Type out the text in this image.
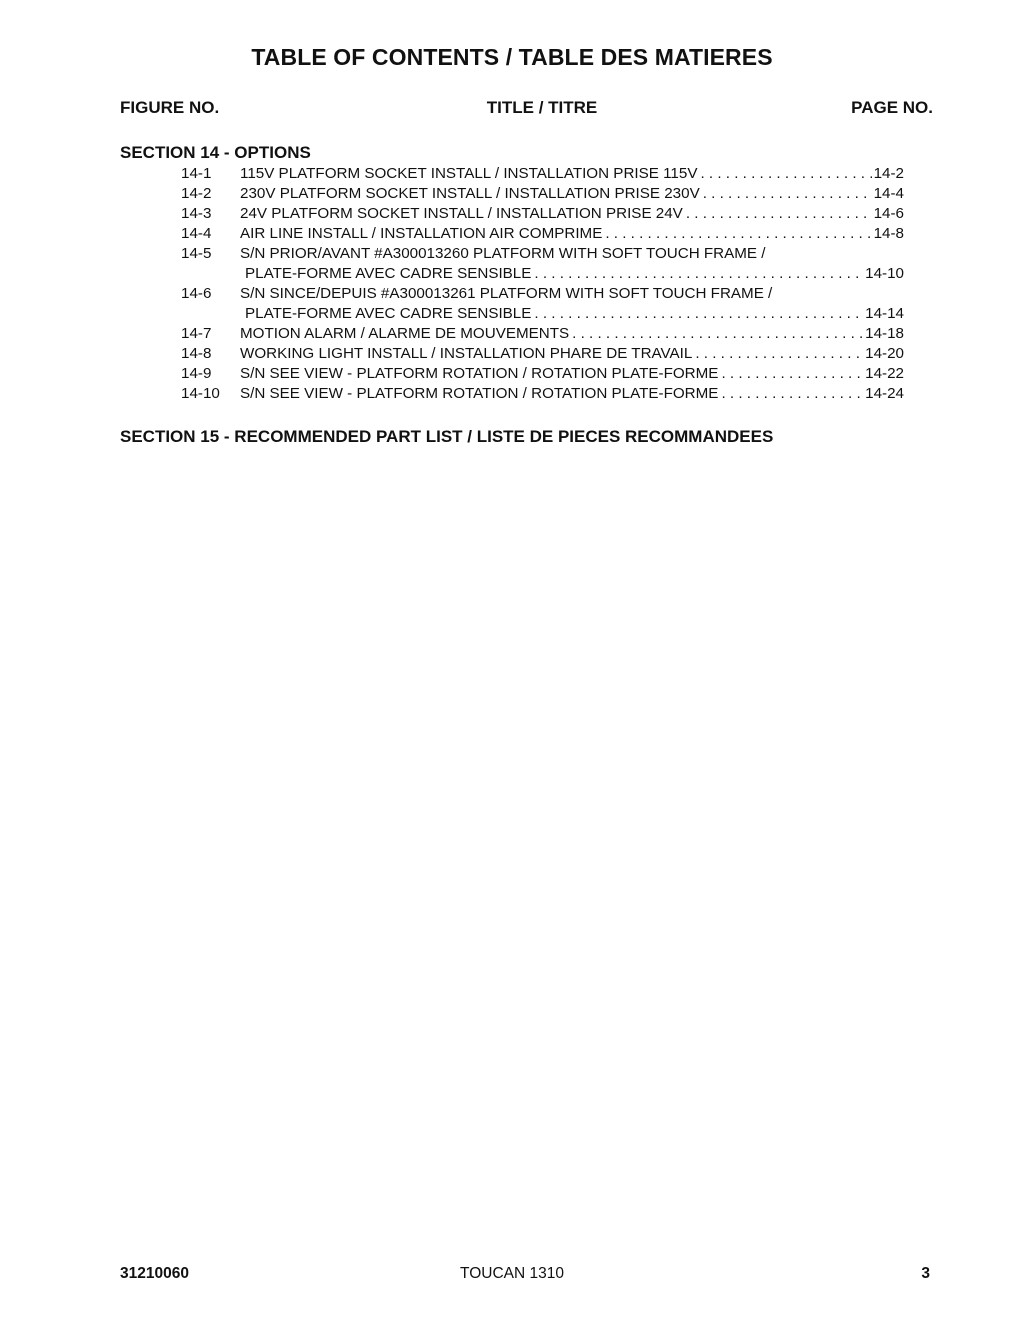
TABLE OF CONTENTS / TABLE DES MATIERES
FIGURE NO.	TITLE / TITRE	PAGE NO.
SECTION 14 - OPTIONS
14-1	115V PLATFORM SOCKET INSTALL / INSTALLATION PRISE 115V . . .	14-2
14-2	230V PLATFORM SOCKET INSTALL / INSTALLATION PRISE 230V . . .	14-4
14-3	24V PLATFORM SOCKET INSTALL / INSTALLATION PRISE 24V . . .	14-6
14-4	AIR LINE INSTALL / INSTALLATION AIR COMPRIME . . .	14-8
14-5	S/N PRIOR/AVANT #A300013260 PLATFORM WITH SOFT TOUCH FRAME /
PLATE-FORME AVEC CADRE SENSIBLE . . .	14-10
14-6	S/N SINCE/DEPUIS #A300013261 PLATFORM WITH SOFT TOUCH FRAME /
PLATE-FORME AVEC CADRE SENSIBLE . . .	14-14
14-7	MOTION ALARM / ALARME DE MOUVEMENTS . . .	14-18
14-8	WORKING LIGHT INSTALL / INSTALLATION PHARE DE TRAVAIL . . .	14-20
14-9	S/N SEE VIEW - PLATFORM ROTATION / ROTATION PLATE-FORME . . .	14-22
14-10	S/N SEE VIEW - PLATFORM ROTATION / ROTATION PLATE-FORME . . .	14-24
SECTION 15 - RECOMMENDED PART LIST / LISTE DE PIECES RECOMMANDEES
31210060	TOUCAN 1310	3
